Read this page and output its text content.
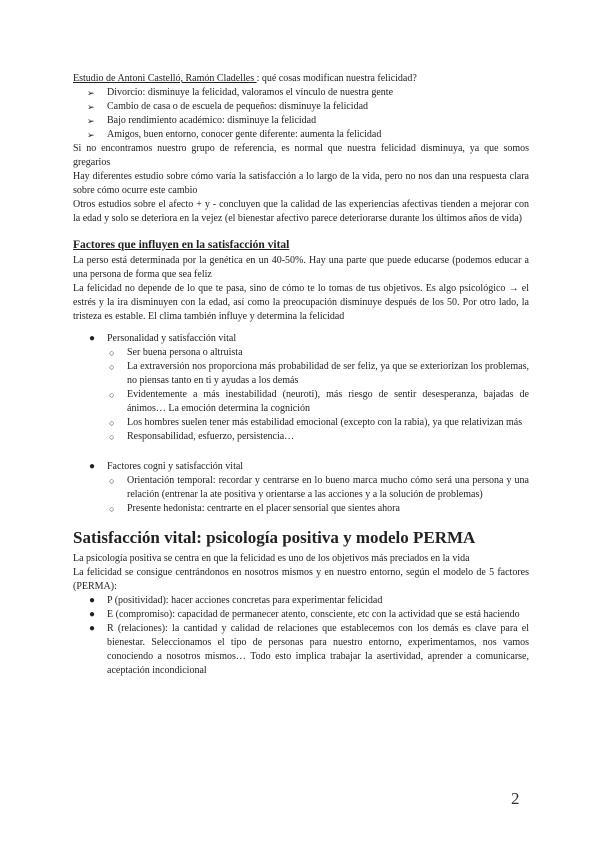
Estudio de Antoni Castelló, Ramón Cladelles : qué cosas modifican nuestra felicidad?

➢ Divorcio: disminuye la felicidad, valoramos el vínculo de nuestra gente
➢ Cambio de casa o de escuela de pequeños: disminuye la felicidad
➢ Bajo rendimiento académico: disminuye la felicidad
➢ Amigos, buen entorno, conocer gente diferente: aumenta la felicidad

Si no encontramos nuestro grupo de referencia, es normal que nuestra felicidad disminuya, ya que somos gregarios

Hay diferentes estudio sobre cómo varía la satisfacción a lo largo de la vida, pero no nos dan una respuesta clara sobre cómo ocurre este cambio

Otros estudios sobre el afecto + y - concluyen que la calidad de las experiencias afectivas tienden a mejorar con la edad y solo se deteriora en la vejez (el bienestar afectivo parece deteriorarse durante los últimos años de vida)

Factores que influyen en la satisfacción vital

La perso está determinada por la genética en un 40-50%. Hay una parte que puede educarse (podemos educar a una persona de forma que sea feliz

La felicidad no depende de lo que te pasa, sino de cómo te lo tomas de tus objetivos. Es algo psicológico → el estrés y la ira disminuyen con la edad, así como la preocupación disminuye después de los 50. Por otro lado, la tristeza es estable. El clima también influye y determina la felicidad

● Personalidad y satisfacción vital
○ Ser buena persona o altruista
○ La extraversión nos proporciona más probabilidad de ser feliz, ya que se exteriorizan los problemas, no piensas tanto en ti y ayudas a los demás
○ Evidentemente a más inestabilidad (neuroti), más riesgo de sentir desesperanza, bajadas de ánimos… La emoción determina la cognición
○ Los hombres suelen tener más estabilidad emocional (excepto con la rabia), ya que relativizan más
○ Responsabilidad, esfuerzo, persistencia…
● Factores cogni y satisfacción vital
○ Orientación temporal: recordar y centrarse en lo bueno marca mucho cómo será una persona y una relación (entrenar la ate positiva y orientarse a las acciones y a la solución de problemas)
○ Presente hedonista: centrarte en el placer sensorial que sientes ahora
Satisfacción vital: psicología positiva y modelo PERMA

La psicología positiva se centra en que la felicidad es uno de los objetivos más preciados en la vida

La felicidad se consigue centrándonos en nosotros mismos y en nuestro entorno, según el modelo de 5 factores (PERMA):

● P (positividad): hacer acciones concretas para experimentar felicidad
● E (compromiso): capacidad de permanecer atento, consciente, etc con la actividad que se está haciendo
● R (relaciones): la cantidad y calidad de relaciones que establecemos con los demás es clave para el bienestar. Seleccionamos el tipo de personas para nuestro entorno, experimentamos, nos vamos conociendo a nosotros mismos… Todo esto implica trabajar la asertividad, aprender a comunicarse, aceptación incondicional
2
